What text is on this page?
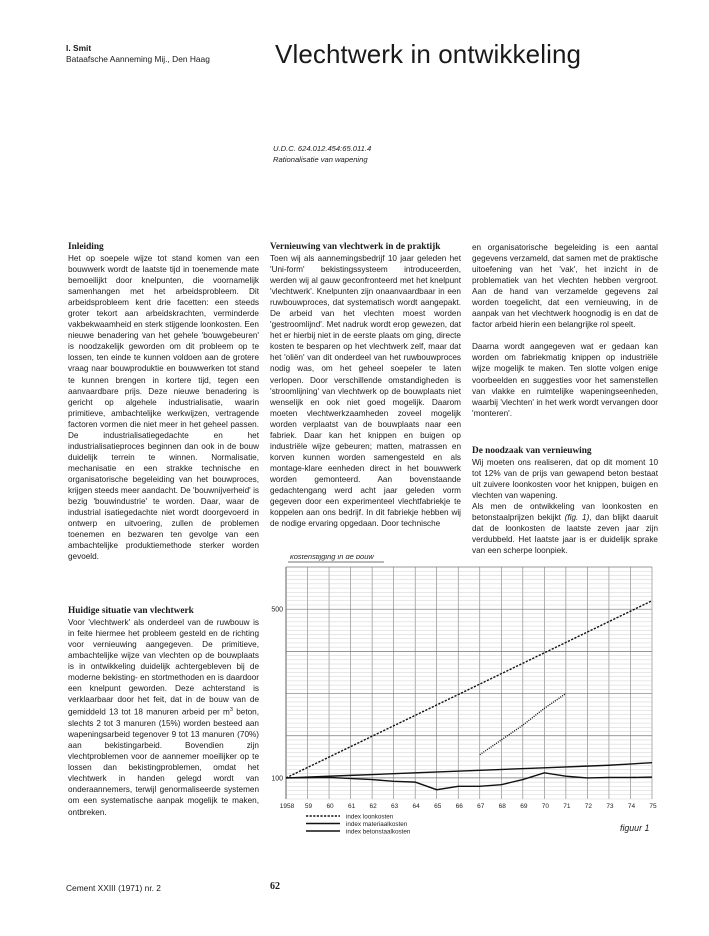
I. Smit
Bataafsche Aanneming Mij., Den Haag	Vlechtwerk in ontwikkeling
U.D.C. 624.012.454:65.011.4
Rationalisatie van wapening
Inleiding

Het op soepele wijze tot stand komen van een bouwwerk wordt de laatste tijd in toenemende mate bemoeilijkt door knelpunten, die voornamelijk samenhangen met het arbeidsprobleem. Dit arbeidsprobleem kent drie facetten: een steeds groter tekort aan arbeidskrachten, verminderde vakbekwaamheid en sterk stijgende loonkosten. Een nieuwe benadering van het gehele 'bouwgebeuren' is noodzakelijk geworden om dit probleem op te lossen, ten einde te kunnen voldoen aan de grotere vraag naar bouwproduktie en bouwwerken tot stand te kunnen brengen in kortere tijd, tegen een aanvaardbare prijs. Deze nieuwe benadering is gericht op algehele industrialisatie, waarin primitieve, ambachtelijke werkwijzen, vertragende factoren vormen die niet meer in het geheel passen. De industrialisatiegedachte en het industrialisatieproces beginnen dan ook in de bouw duidelijk terrein te winnen. Normalisatie, mechanisatie en een strakke technische en organisatorische begeleiding van het bouwproces, krijgen steeds meer aandacht. De 'bouwnijverheid' is bezig 'bouwindustrie' te worden. Daar, waar de industrial isatiegedachte niet wordt doorgevoerd in ontwerp en uitvoering, zullen de problemen toenemen en bezwaren ten gevolge van een ambachtelijke produktiemethode sterker worden gevoeld.

Huidige situatie van vlechtwerk

Voor 'vlechtwerk' als onderdeel van de ruwbouw is in feite hiermee het probleem gesteld en de richting voor vernieuwing aangegeven. De primitieve, ambachtelijke wijze van vlechten op de bouwplaats is in ontwikkeling duidelijk achtergebleven bij de moderne bekisting- en stortmethoden en is daardoor een knelpunt geworden. Deze achterstand is verklaarbaar door het feit, dat in de bouw van de gemiddeld 13 tot 18 manuren arbeid per $m^3$ beton, slechts 2 tot 3 manuren (15%) worden besteed aan wapeningsarbeid tegenover 9 tot 13 manuren (70%) aan bekistingarbeid. Bovendien zijn vlechtproblemen voor de aannemer moeilijker op te lossen dan bekistingproblemen, omdat het vlechtwerk in handen gelegd wordt van onderaannemers, terwijl genormaliseerde systemen om een systematische aanpak mogelijk te maken, ontbreken.

Vernieuwing van vlechtwerk in de praktijk

Toen wij als aannemingsbedrijf 10 jaar geleden het 'Uni-form' bekistingssysteem introduceerden, werden wij al gauw geconfronteerd met het knelpunt 'vlechtwerk'. Knelpunten zijn onaanvaardbaar in een ruwbouwproces, dat systematisch wordt aangepakt. De arbeid van het vlechten moest worden 'gestroomlijnd'. Met nadruk wordt erop gewezen, dat het er hierbij niet in de eerste plaats om ging, directe kosten te besparen op het vlechtwerk zelf, maar dat het 'oliën' van dit onderdeel van het ruwbouwproces nodig was, om het geheel soepeler te laten verlopen. Door verschillende omstandigheden is 'stroomlijning' van vlechtwerk op de bouwplaats niet wenselijk en ook niet goed mogelijk. Daarom moeten vlechtwerkzaamheden zoveel mogelijk worden verplaatst van de bouwplaats naar een fabriek. Daar kan het knippen en buigen op industriële wijze gebeuren; matten, matrassen en korven kunnen worden samengesteld en als montage-klare eenheden direct in het bouwwerk worden gemonteerd. Aan bovenstaande gedachtengang werd acht jaar geleden vorm gegeven door een experimenteel vlechtfabriekje te koppelen aan ons bedrijf. In dit fabriekje hebben wij de nodige ervaring opgedaan. Door technische

en organisatorische begeleiding is een aantal gegevens verzameld, dat samen met de praktische uitoefening van het 'vak', het inzicht in de problematiek van het vlechten hebben vergroot. Aan de hand van verzamelde gegevens zal worden toegelicht, dat een vernieuwing, in de aanpak van het vlechtwerk hoognodig is en dat de factor arbeid hierin een belangrijke rol speelt.

Daarna wordt aangegeven wat er gedaan kan worden om fabriekmatig knippen op industriële wijze mogelijk te maken. Ten slotte volgen enige voorbeelden en suggesties voor het samenstellen van vlakke en ruimtelijke wapeningseenheden, waarbij 'vlechten' in het werk wordt vervangen door 'monteren'.

De noodzaak van vernieuwing

Wij moeten ons realiseren, dat op dit moment 10 tot 12% van de prijs van gewapend beton bestaat uit zuivere loonkosten voor het knippen, buigen en vlechten van wapening.

Als men de ontwikkeling van loonkosten en betonstaalprijzen bekijkt (fig. 1), dan blijkt daaruit dat de loonkosten de laatste zeven jaar zijn verdubbeld. Het laatste jaar is er duidelijk sprake van een scherpe loonpiek.

kostenstijging in de bouw
100
500
1958 59 60 61 62 63 64 65 66 67 68 69 70 71 72 73 74 75
index loonkosten
index materiaalkosten
index betonstaalkosten	figuur 1
Cement XXIII (1971) nr. 2	62
